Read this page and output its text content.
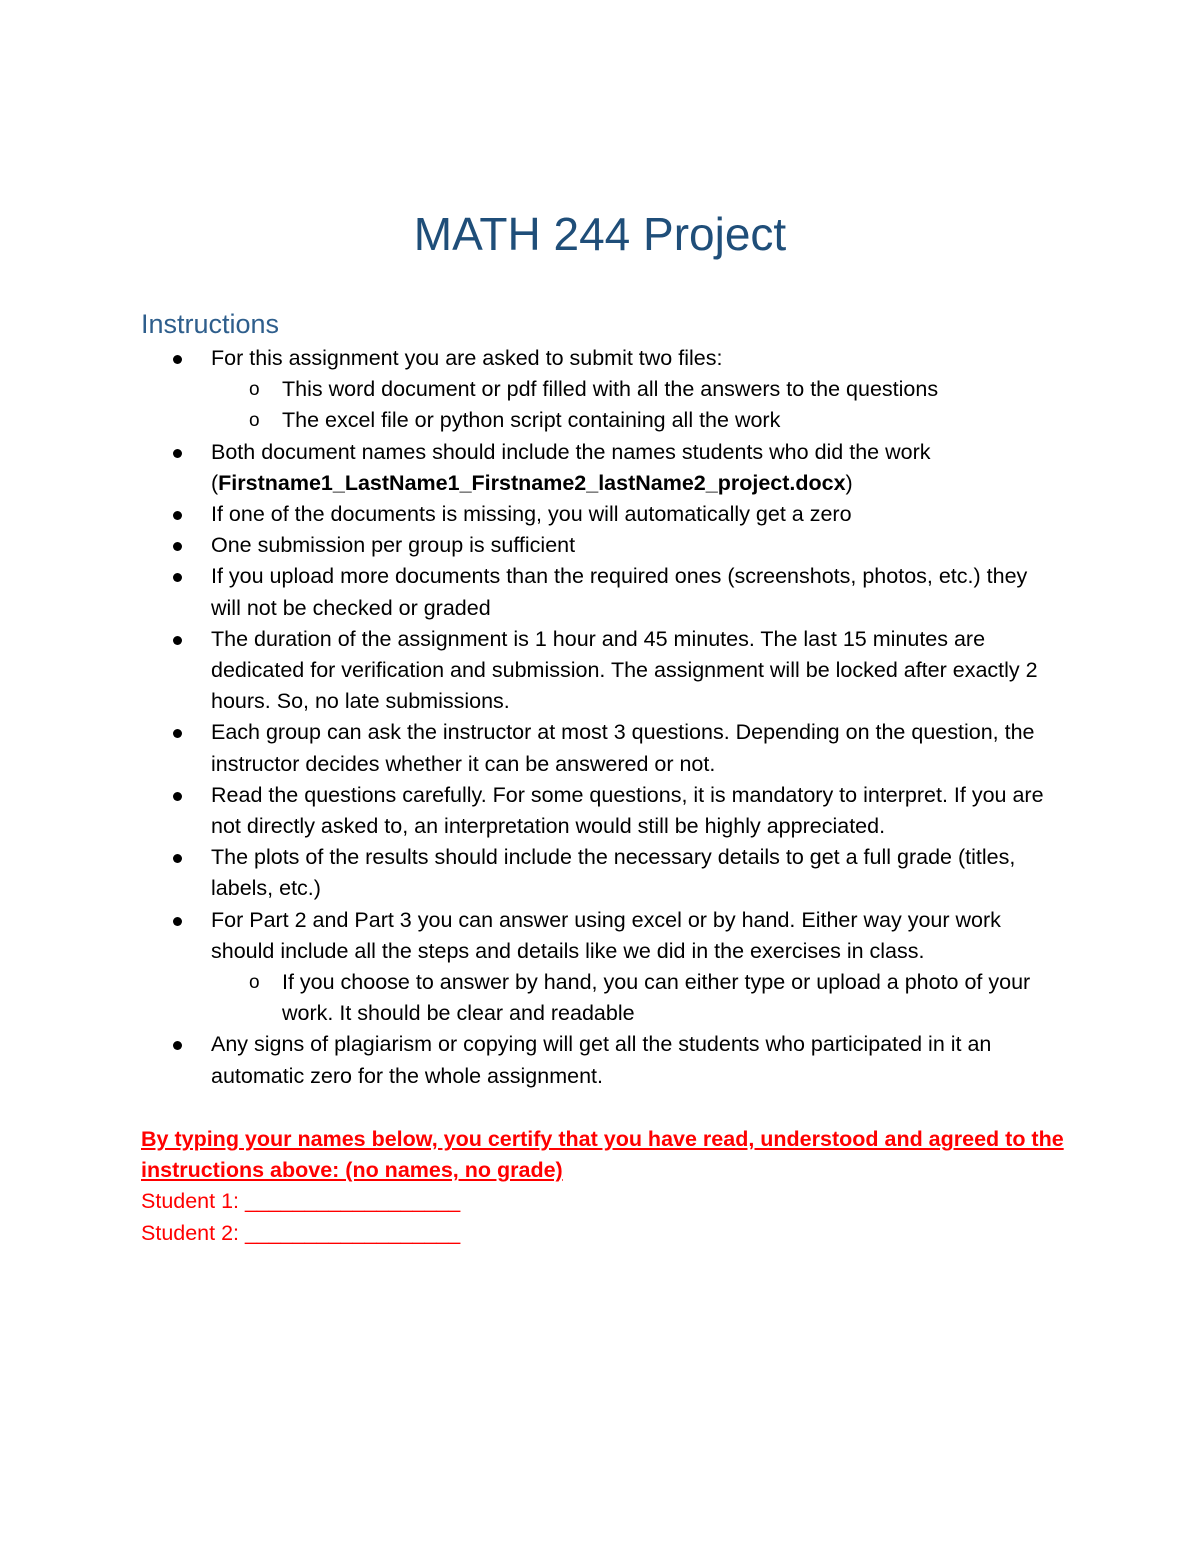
MATH 244 Project
Instructions
For this assignment you are asked to submit two files:
o This word document or pdf filled with all the answers to the questions
o The excel file or python script containing all the work
Both document names should include the names students who did the work
(Firstname1_LastName1_Firstname2_lastName2_project.docx)
If one of the documents is missing, you will automatically get a zero
One submission per group is sufficient
If you upload more documents than the required ones (screenshots, photos, etc.) they will not be checked or graded
The duration of the assignment is 1 hour and 45 minutes. The last 15 minutes are dedicated for verification and submission. The assignment will be locked after exactly 2 hours. So, no late submissions.
Each group can ask the instructor at most 3 questions. Depending on the question, the instructor decides whether it can be answered or not.
Read the questions carefully. For some questions, it is mandatory to interpret. If you are not directly asked to, an interpretation would still be highly appreciated.
The plots of the results should include the necessary details to get a full grade (titles, labels, etc.)
For Part 2 and Part 3 you can answer using excel or by hand. Either way your work should include all the steps and details like we did in the exercises in class.
o If you choose to answer by hand, you can either type or upload a photo of your work. It should be clear and readable
Any signs of plagiarism or copying will get all the students who participated in it an automatic zero for the whole assignment.
By typing your names below, you certify that you have read, understood and agreed to the instructions above: (no names, no grade)
Student 1: __________________
Student 2: __________________
